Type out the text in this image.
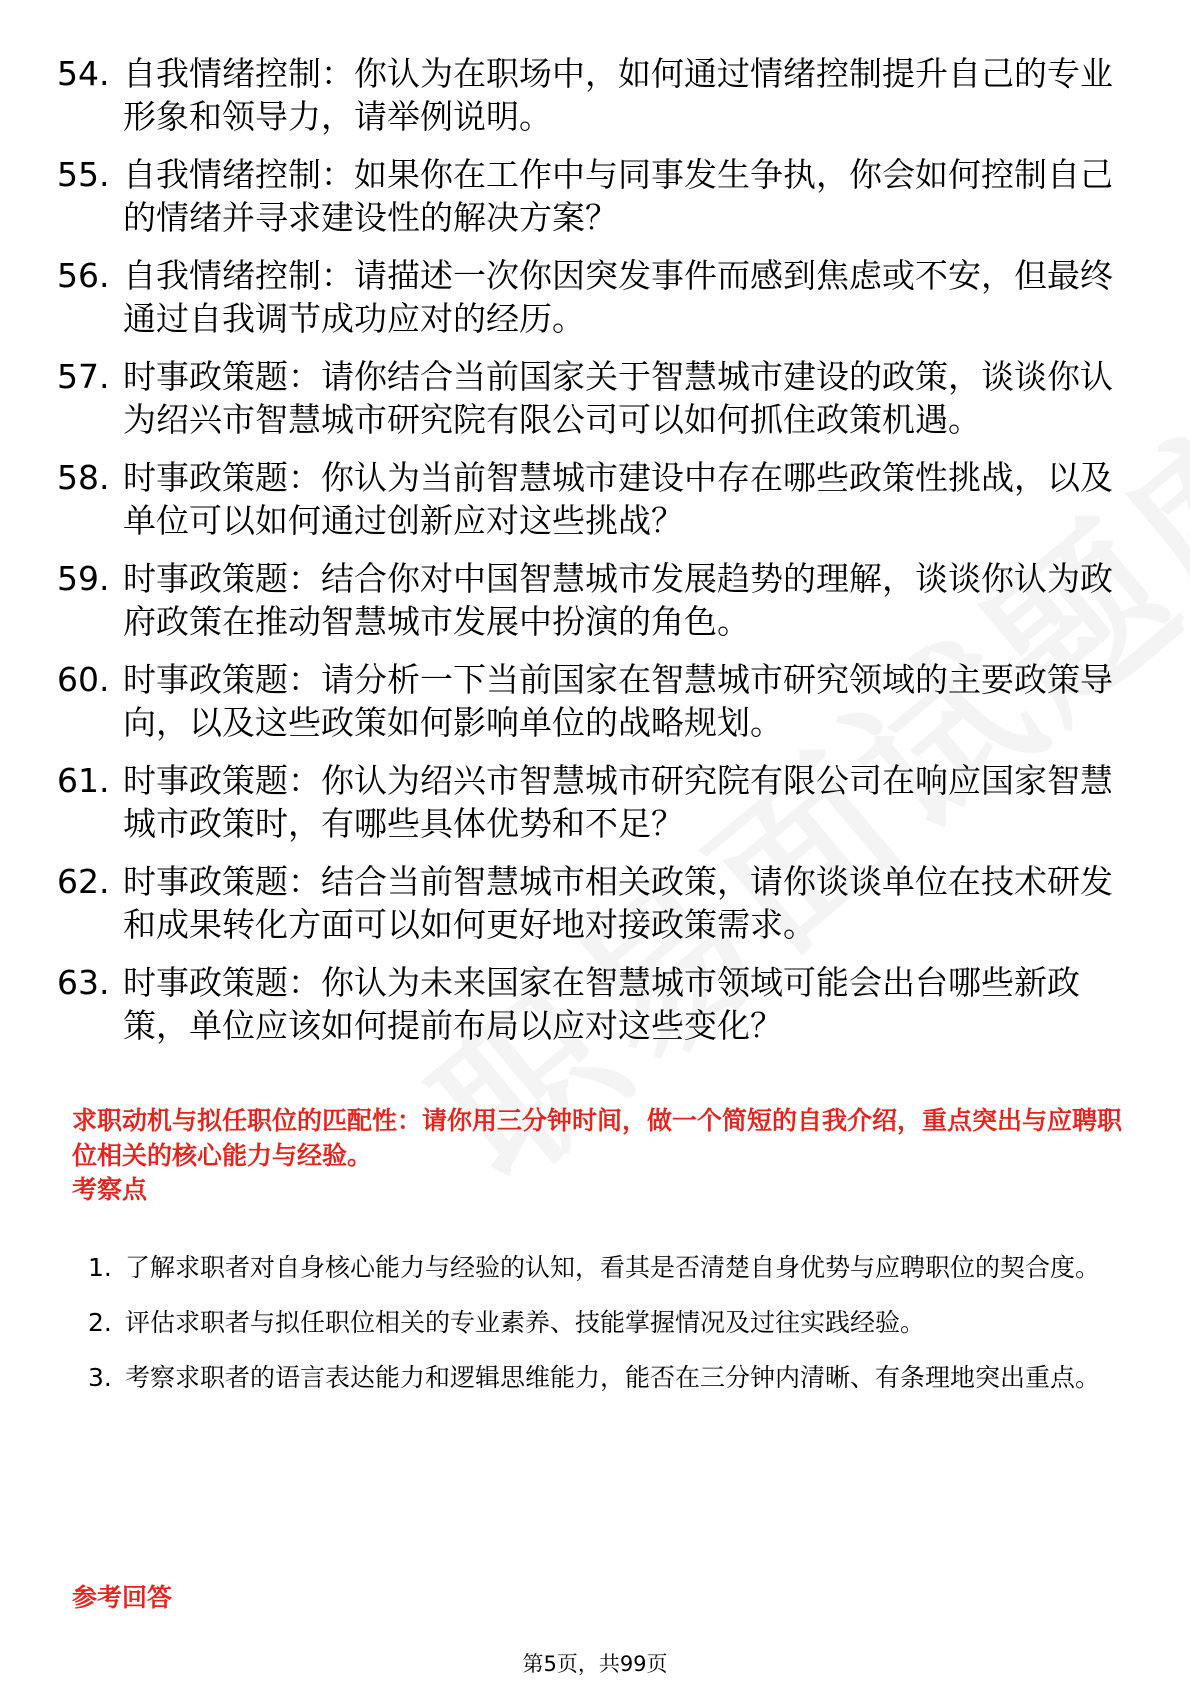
54. 自我情绪控制：你认为在职场中，如何通过情绪控制提升自己的专业形象和领导力，请举例说明。
55. 自我情绪控制：如果你在工作中与同事发生争执，你会如何控制自己的情绪并寻求建设性的解决方案？
56. 自我情绪控制：请描述一次你因突发事件而感到焦虑或不安，但最终通过自我调节成功应对的经历。
57. 时事政策题：请你结合当前国家关于智慧城市建设的政策，谈谈你认为绍兴市智慧城市研究院有限公司可以如何抓住政策机遇。
58. 时事政策题：你认为当前智慧城市建设中存在哪些政策性挑战，以及单位可以如何通过创新应对这些挑战？
59. 时事政策题：结合你对中国智慧城市发展趋势的理解，谈谈你认为政府政策在推动智慧城市发展中扮演的角色。
60. 时事政策题：请分析一下当前国家在智慧城市研究领域的主要政策导向，以及这些政策如何影响单位的战略规划。
61. 时事政策题：你认为绍兴市智慧城市研究院有限公司在响应国家智慧城市政策时，有哪些具体优势和不足？
62. 时事政策题：结合当前智慧城市相关政策，请你谈谈单位在技术研发和成果转化方面可以如何更好地对接政策需求。
63. 时事政策题：你认为未来国家在智慧城市领域可能会出台哪些新政策，单位应该如何提前布局以应对这些变化？
求职动机与拟任职位的匹配性：请你用三分钟时间，做一个简短的自我介绍，重点突出与应聘职位相关的核心能力与经验。
考察点
1. 了解求职者对自身核心能力与经验的认知，看其是否清楚自身优势与应聘职位的契合度。
2. 评估求职者与拟任职位相关的专业素养、技能掌握情况及过往实践经验。
3. 考察求职者的语言表达能力和逻辑思维能力，能否在三分钟内清晰、有条理地突出重点。
参考回答
第5页，共99页
